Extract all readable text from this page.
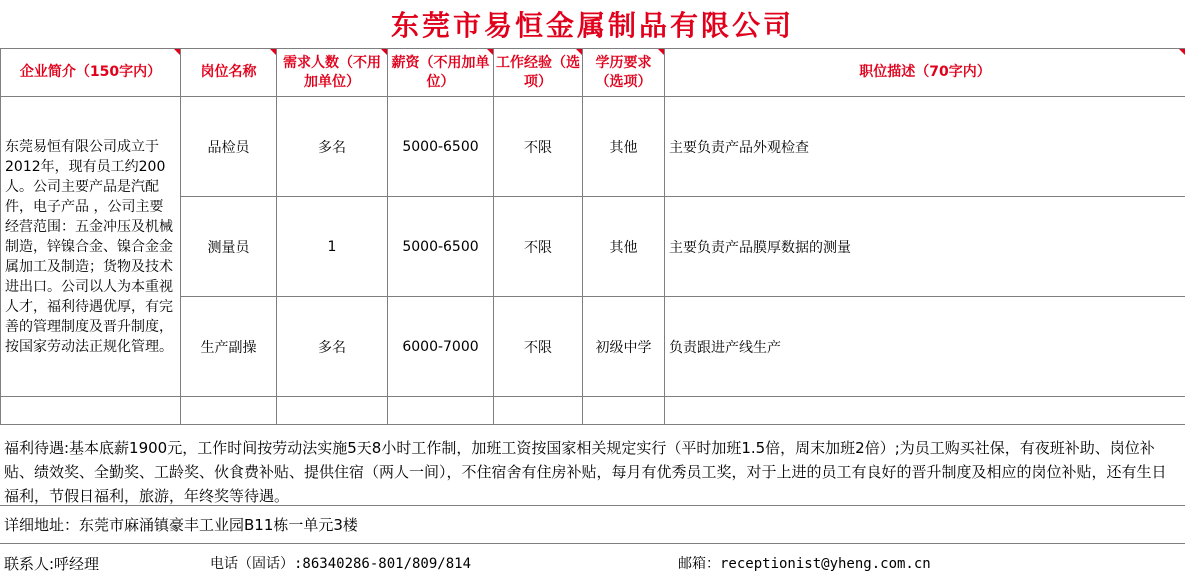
东莞市易恒金属制品有限公司
企业简介（150字内）	岗位名称	需求人数（不用加单位）	薪资（不用加单位）	工作经验（选项）	学历要求（选项）	职位描述（70字内）

东莞易恒有限公司成立于2012年，现有员工约200人。公司主要产品是汽配件，电子产品 ，公司主要经营范围：五金冲压及机械制造，锌镍合金、镍合金金属加工及制造；货物及技术进出口。公司以人为本重视人才，福利待遇优厚，有完善的管理制度及晋升制度，按国家劳动法正规化管理。	品检员	多名	5000-6500	不限	其他	主要负责产品外观检查
	测量员	1	5000-6500	不限	其他	主要负责产品膜厚数据的测量
	生产副操	多名	6000-7000	不限	初级中学	负责跟进产线生产

福利待遇:基本底薪1900元，工作时间按劳动法实施5天8小时工作制，加班工资按国家相关规定实行（平时加班1.5倍，周末加班2倍）;为员工购买社保，有夜班补助、岗位补贴、绩效奖、全勤奖、工龄奖、伙食费补贴、提供住宿（两人一间），不住宿舍有住房补贴，每月有优秀员工奖，对于上进的员工有良好的晋升制度及相应的岗位补贴，还有生日福利，节假日福利，旅游，年终奖等待遇。
详细地址：东莞市麻涌镇豪丰工业园B11栋一单元3楼
联系人:呼经理	电话（固话）:86340286-801/809/814	邮箱：receptionist@yheng.com.cn
